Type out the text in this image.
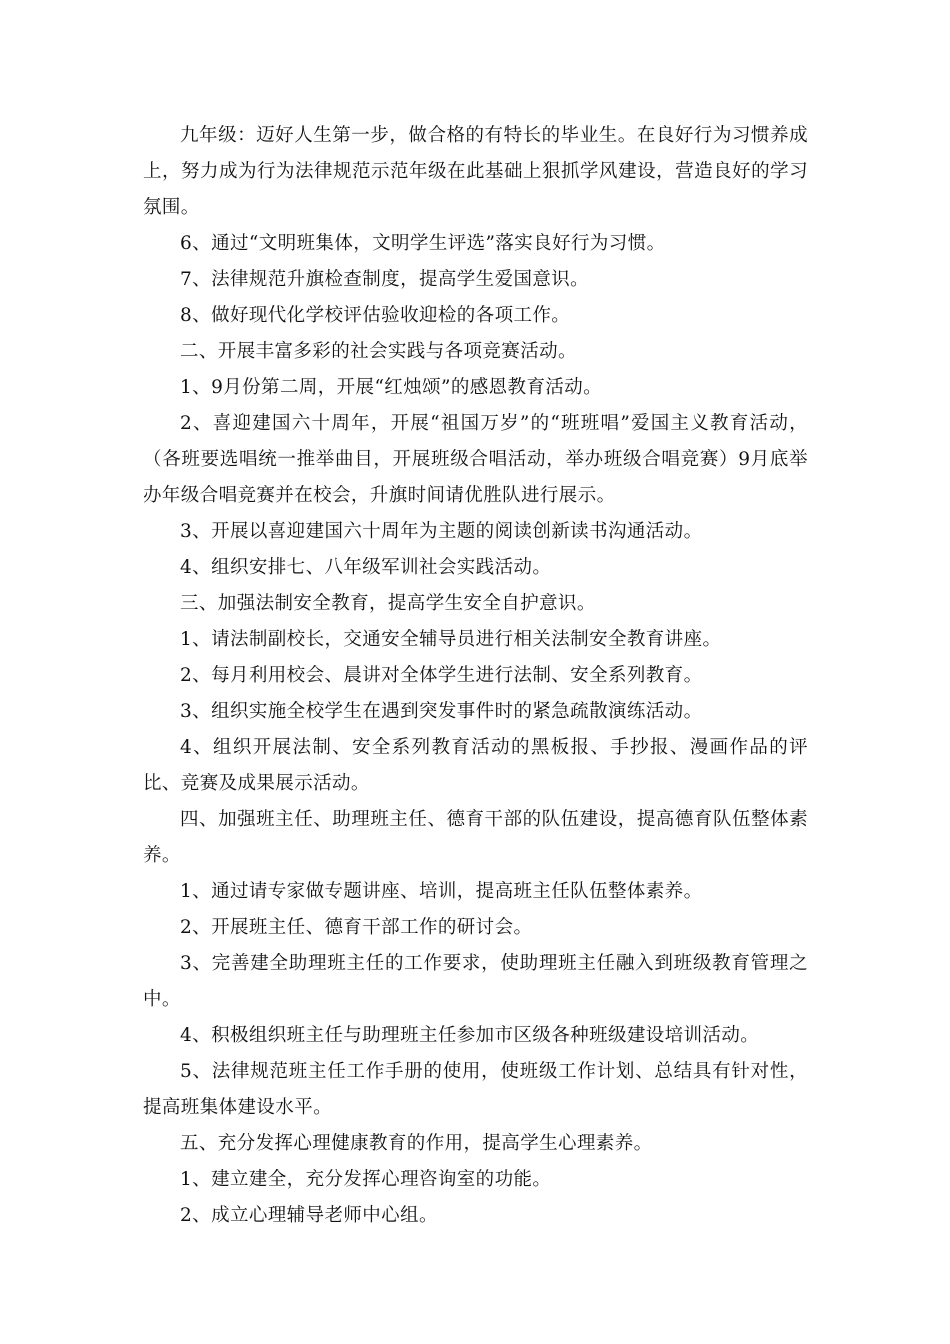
九年级：迈好人生第一步，做合格的有特长的毕业生。在良好行为习惯养成上，努力成为行为法律规范示范年级在此基础上狠抓学风建设，营造良好的学习氛围。

6、通过“文明班集体，文明学生评选”落实良好行为习惯。

7、法律规范升旗检查制度，提高学生爱国意识。

8、做好现代化学校评估验收迎检的各项工作。

二、开展丰富多彩的社会实践与各项竞赛活动。

1、9月份第二周，开展“红烛颂”的感恩教育活动。

2、喜迎建国六十周年，开展“祖国万岁”的“班班唱”爱国主义教育活动，（各班要选唱统一推举曲目，开展班级合唱活动，举办班级合唱竞赛）9月底举办年级合唱竞赛并在校会，升旗时间请优胜队进行展示。

3、开展以喜迎建国六十周年为主题的阅读创新读书沟通活动。

4、组织安排七、八年级军训社会实践活动。

三、加强法制安全教育，提高学生安全自护意识。

1、请法制副校长，交通安全辅导员进行相关法制安全教育讲座。

2、每月利用校会、晨讲对全体学生进行法制、安全系列教育。

3、组织实施全校学生在遇到突发事件时的紧急疏散演练活动。

4、组织开展法制、安全系列教育活动的黑板报、手抄报、漫画作品的评比、竞赛及成果展示活动。

四、加强班主任、助理班主任、德育干部的队伍建设，提高德育队伍整体素养。

1、通过请专家做专题讲座、培训，提高班主任队伍整体素养。

2、开展班主任、德育干部工作的研讨会。

3、完善建全助理班主任的工作要求，使助理班主任融入到班级教育管理之中。

4、积极组织班主任与助理班主任参加市区级各种班级建设培训活动。

5、法律规范班主任工作手册的使用，使班级工作计划、总结具有针对性，提高班集体建设水平。

五、充分发挥心理健康教育的作用，提高学生心理素养。

1、建立建全，充分发挥心理咨询室的功能。

2、成立心理辅导老师中心组。
